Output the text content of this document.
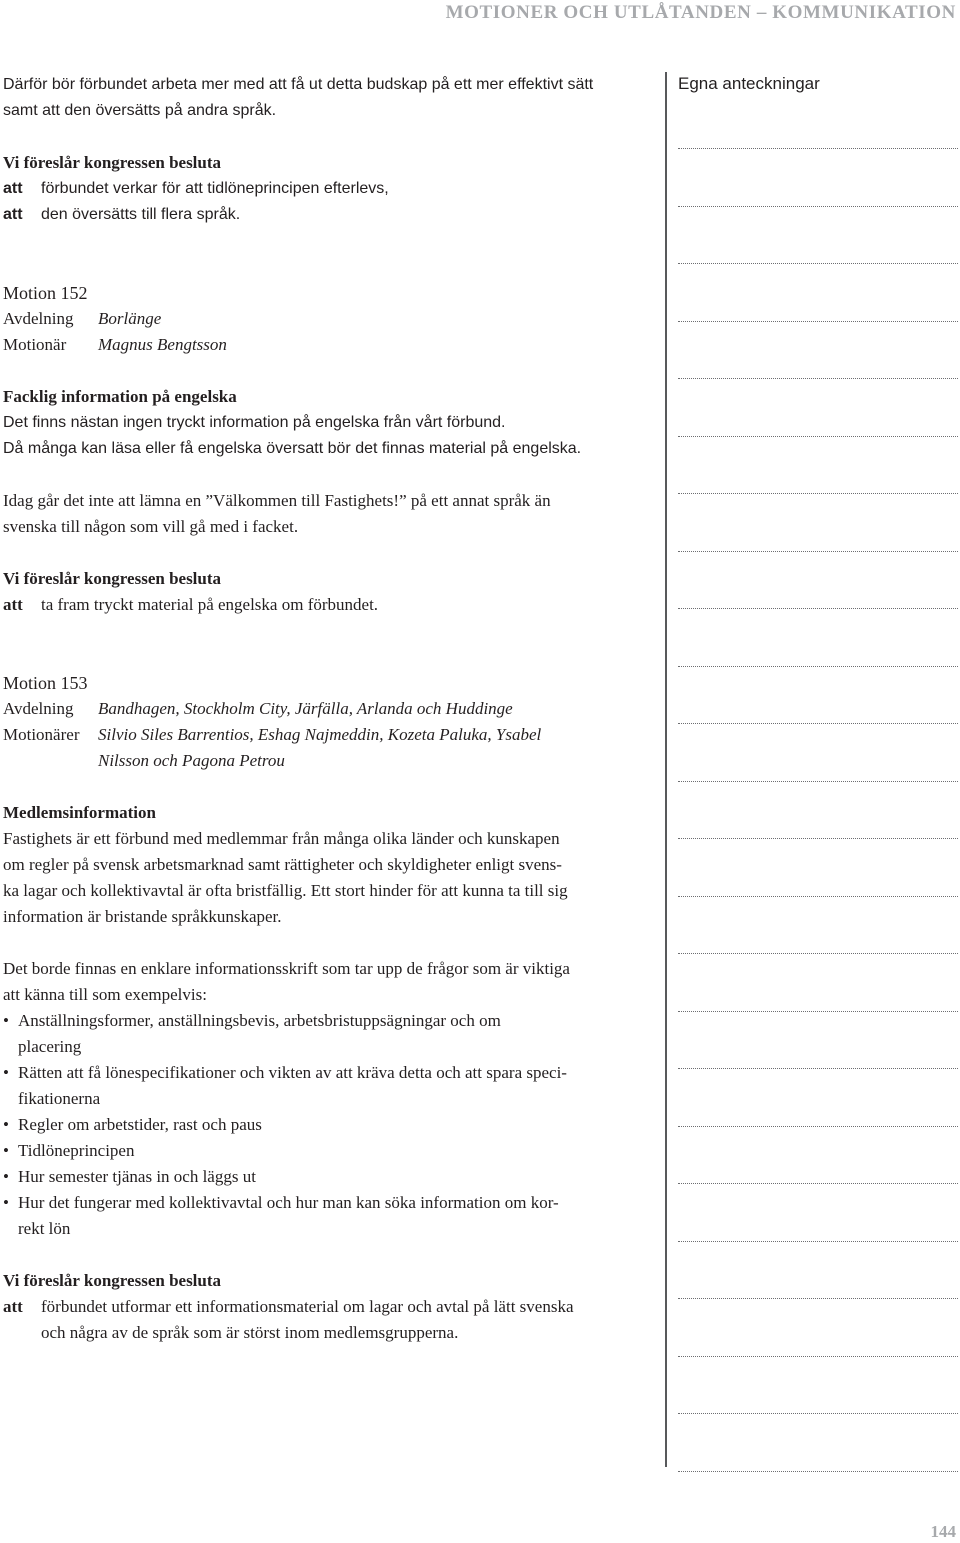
MOTIONER OCH UTLÅTANDEN – KOMMUNIKATION

Därför bör förbundet arbeta mer med att få ut detta budskap på ett mer effektivt sätt

samt att den översätts på andra språk.

Vi föreslår kongressen besluta

att	förbundet verkar för att tidlöneprincipen efterlevs,
att	den översätts till flera språk.

Motion 152

Avdelning	Borlänge
Motionär	Magnus Bengtsson

Facklig information på engelska

Det finns nästan ingen tryckt information på engelska från vårt förbund.

Då många kan läsa eller få engelska översatt bör det finnas material på engelska.

Idag går det inte att lämna en ”Välkommen till Fastighets!” på ett annat språk än

svenska till någon som vill gå med i facket.

Vi föreslår kongressen besluta

att	ta fram tryckt material på engelska om förbundet.

Motion 153

Avdelning	Bandhagen, Stockholm City, Järfälla, Arlanda och Huddinge
Motionärer	Silvio Siles Barrentios, Eshag Najmeddin, Kozeta Paluka, Ysabel
Nilsson och Pagona Petrou

Medlemsinformation

Fastighets är ett förbund med medlemmar från många olika länder och kunskapen

om regler på svensk arbetsmarknad samt rättigheter och skyldigheter enligt svens-

ka lagar och kollektivavtal är ofta bristfällig. Ett stort hinder för att kunna ta till sig

information är bristande språkkunskaper.

Det borde finnas en enklare informationsskrift som tar upp de frågor som är viktiga

att känna till som exempelvis:

• Anställningsformer, anställningsbevis, arbetsbristuppsägningar och om
placering
• Rätten att få lönespecifikationer och vikten av att kräva detta och att spara speci-
fikationerna
• Regler om arbetstider, rast och paus
• Tidlöneprincipen
• Hur semester tjänas in och läggs ut
• Hur det fungerar med kollektivavtal och hur man kan söka information om kor-
rekt lön

Vi föreslår kongressen besluta

att	förbundet utformar ett informationsmaterial om lagar och avtal på lätt svenska
och några av de språk som är störst inom medlemsgrupperna.
Egna anteckningar
144
